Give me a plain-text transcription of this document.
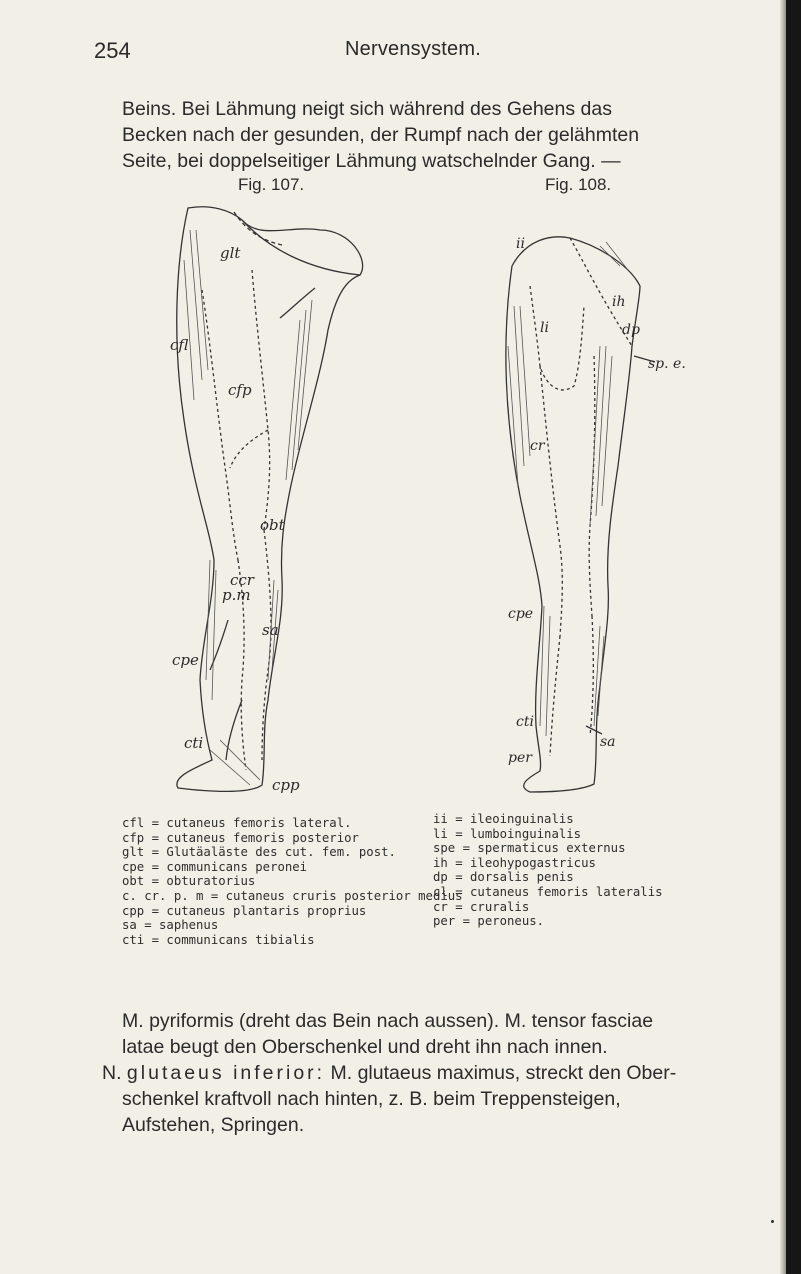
254	Nervensystem.
Beins. Bei Lähmung neigt sich während des Gehens das
Becken nach der gesunden, der Rumpf nach der gelähmten
Seite, bei doppelseitiger Lähmung watschelnder Gang. —
Fig. 107.	Fig. 108.
glt
cfl
cfp
obt
ccr
p.m
sa
cpe
cti
cpp
ii
li
ih
sp. e.
dp
cr
cpe
cti
per
sa
cfl = cutaneus femoris lateral.
cfp = cutaneus femoris posterior
glt = Glutäaläste des cut. fem. post.
cpe = communicans peronei
obt = obturatorius
c. cr. p. m = cutaneus cruris posterior medius
cpp = cutaneus plantaris proprius
sa = saphenus
cti = communicans tibialis
ii = ileoinguinalis
li = lumboinguinalis
spe = spermaticus externus
ih = ileohypogastricus
dp = dorsalis penis
cl = cutaneus femoris lateralis
cr = cruralis
per = peroneus.
M. pyriformis (dreht das Bein nach aussen). M. tensor fasciae
latae beugt den Oberschenkel und dreht ihn nach innen.
N. glutaeus inferior: M. glutaeus maximus, streckt den Ober-
schenkel kraftvoll nach hinten, z. B. beim Treppensteigen,
Aufstehen, Springen.
